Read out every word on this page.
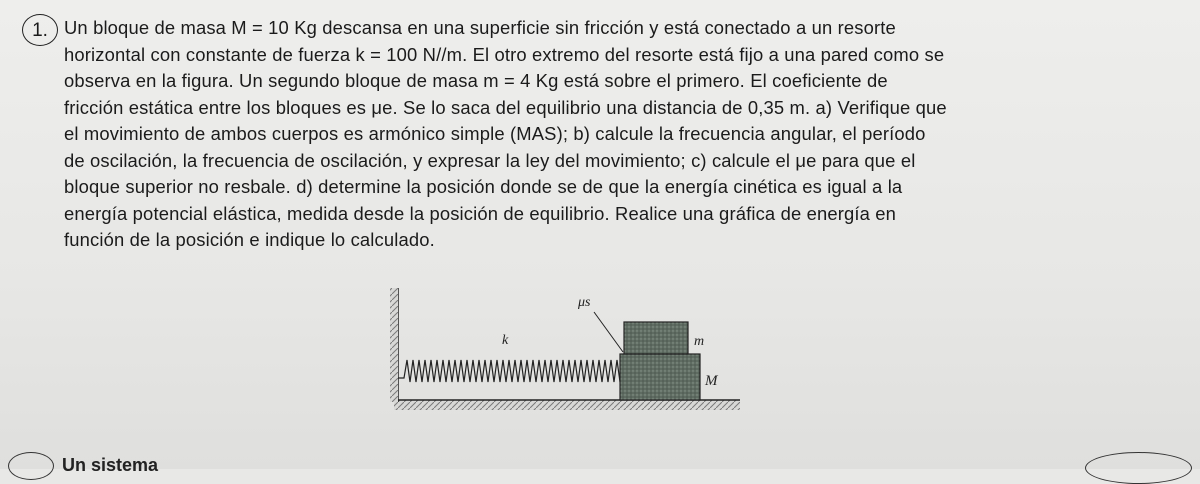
1. Un bloque de masa M = 10 Kg descansa en una superficie sin fricción y está conectado a un resorte
horizontal con constante de fuerza k = 100 N//m. El otro extremo del resorte está fijo a una pared como se
observa en la figura. Un segundo bloque de masa m = 4 Kg está sobre el primero. El coeficiente de
fricción estática entre los bloques es μe. Se lo saca del equilibrio una distancia de 0,35 m. a) Verifique que
el movimiento de ambos cuerpos es armónico simple (MAS); b) calcule la frecuencia angular, el período
de oscilación, la frecuencia de oscilación, y expresar la ley del movimiento; c) calcule el μe para que el
bloque superior no resbale. d) determine la posición donde se de que la energía cinética es igual a la
energía potencial elástica, medida desde la posición de equilibrio. Realice una gráfica de energía en
función de la posición e indique lo calculado.

k
M
m
μs
Un sistema
